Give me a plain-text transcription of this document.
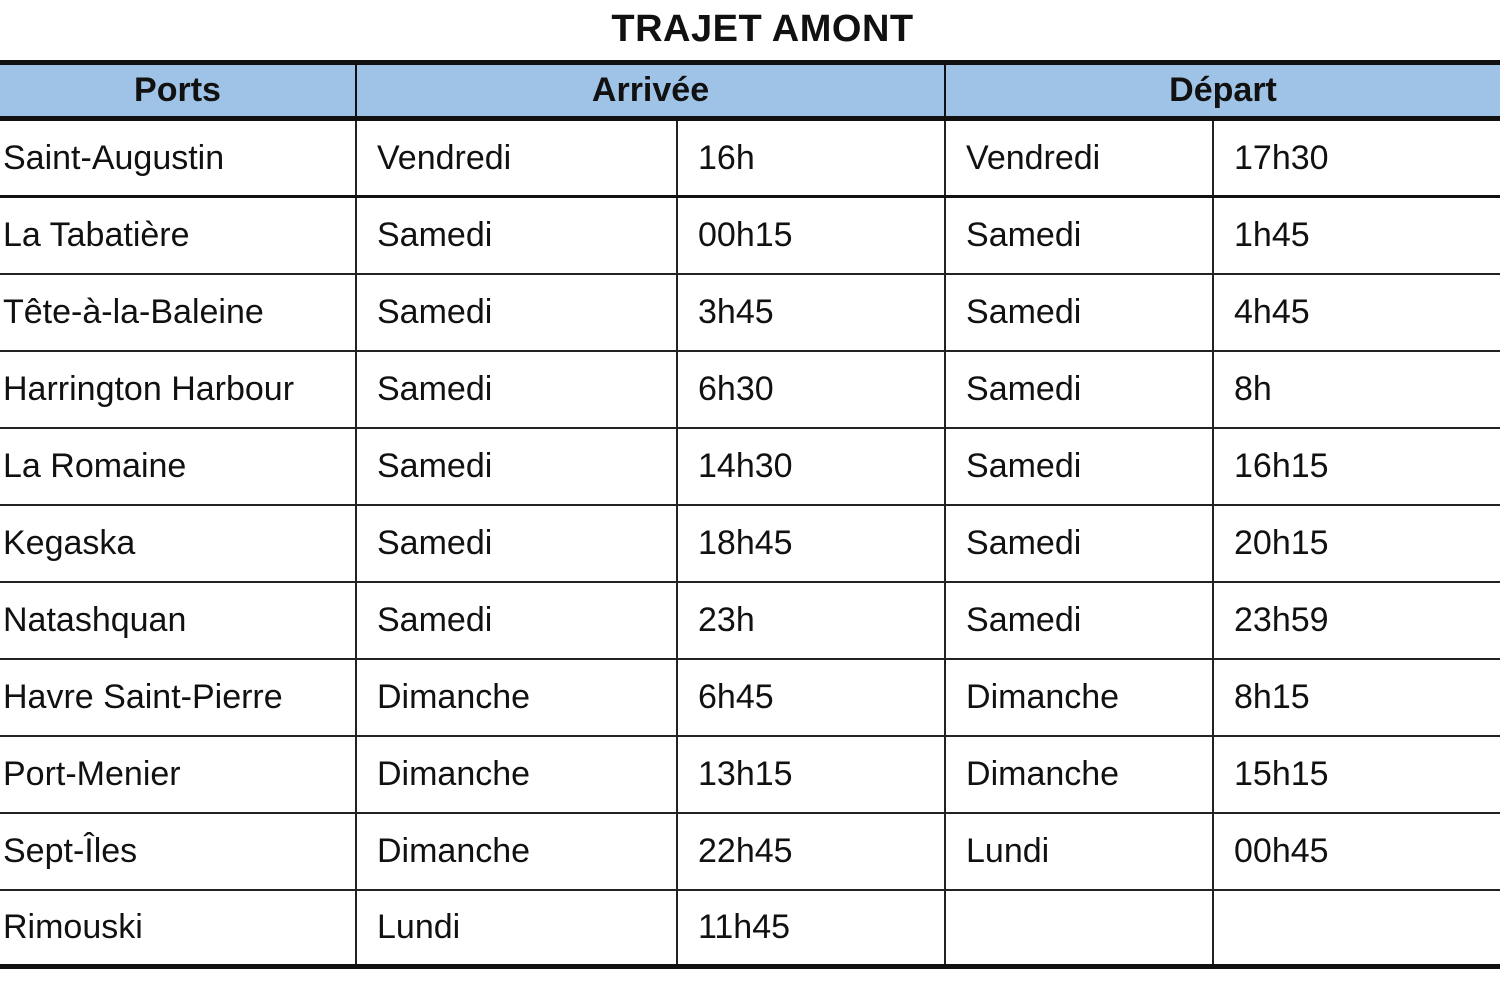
TRAJET AMONT
Ports	Arrivée		Départ	
Saint-Augustin	Vendredi	16h	Vendredi	17h30
La Tabatière	Samedi	00h15	Samedi	1h45
Tête-à-la-Baleine	Samedi	3h45	Samedi	4h45
Harrington Harbour	Samedi	6h30	Samedi	8h
La Romaine	Samedi	14h30	Samedi	16h15
Kegaska	Samedi	18h45	Samedi	20h15
Natashquan	Samedi	23h	Samedi	23h59
Havre Saint-Pierre	Dimanche	6h45	Dimanche	8h15
Port-Menier	Dimanche	13h15	Dimanche	15h15
Sept-Îles	Dimanche	22h45	Lundi	00h45
Rimouski	Lundi	11h45		
